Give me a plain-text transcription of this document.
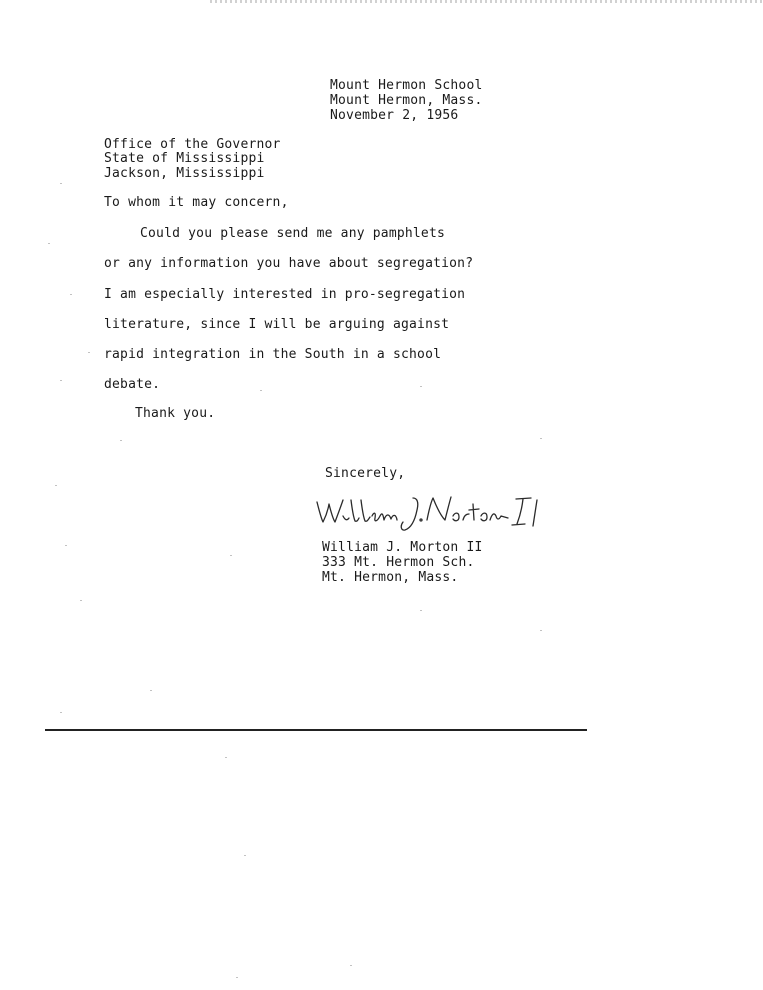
Mount Hermon School
Mount Hermon, Mass.
November 2, 1956
Office of the Governor
State of Mississippi
Jackson, Mississippi
To whom it may concern,
Could you please send me any pamphlets
or any information you have about segregation?
I am especially interested in pro-segregation
literature, since I will be arguing against
rapid integration in the South in a school
debate.
Thank you.
Sincerely,
William J. Morton II
333 Mt. Hermon Sch.
Mt. Hermon, Mass.
